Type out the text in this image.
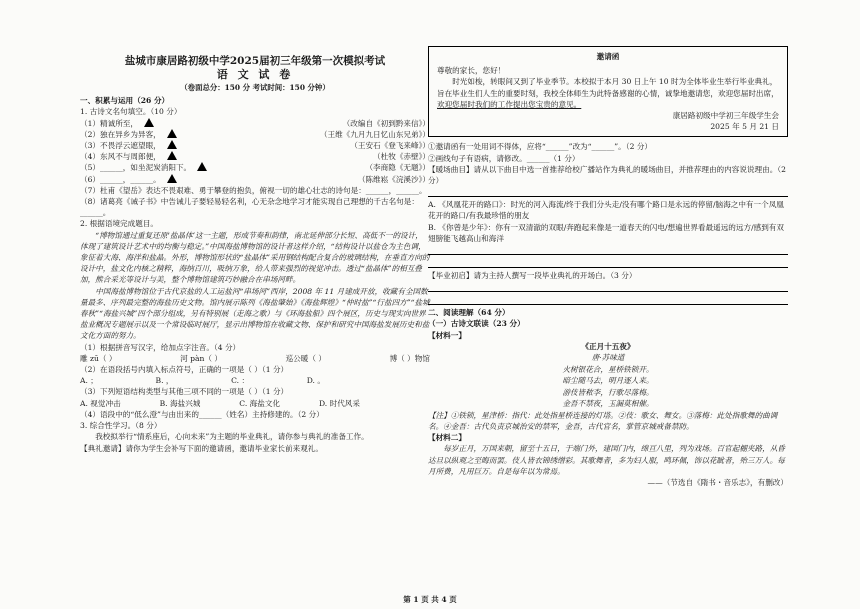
盐城市康居路初级中学2025届初三年级第一次模拟考试
语 文 试 卷
（卷面总分：150 分 考试时间：150 分钟）
一、积累与运用（26 分）
1. 古诗文名句填空。（10 分）
（1）精诚所至，	（改编自《初到黔来信》）
（2）独在异乡为异客，	（王维《九月九日忆山东兄弟》）
（3）不畏浮云遮望眼，	（王安石《登飞来峰》）
（4）东风不与周郎便，	（杜牧《赤壁》）
（5）______，如坐泥炭消阳下。	（李商隐《无题》）
（6）______，______。	（陈维崧《浣溪沙》）
（7）杜甫《望岳》表达不畏艰难、勇于攀登的抱负，俯视一切的雄心壮志的诗句是：______，______。
（8）诸葛亮《诫子书》中告诫儿子要轻易轻名利，心无杂念地学习才能实现自己理想的千古名句是：______。
2. 根据语境完成题目。
“博物馆通过重复还原‘盐晶体’这一主题，形成节奏和韵律，南北延伸部分长短、高低不一的设计，体现了建筑设计艺术中的均衡与稳定。”中国海盐博物馆的设计者这样介绍，“结构设计以盐仓为主色调，象征着大海、海洋和盐晶。外形，博物馆形状的“盐晶体”采用钢结构配合复合的玻璃结构，在垂直方向的设计中，盐文化内核之精粹，海纳百川，吸纳万象，给人带来强烈的视觉冲击。透过“盐晶体”的相互叠加，熊合采光等设计与美，整个博物馆建筑巧妙融合在串场河畔。
中国海盐博物馆位于古代京盐的人工运盐河“串场河”西岸，2008 年 11 月建成开放，收藏有全国数量最多、序列最完整的海盐历史文物。馆内展示陈列《海盐肇始》《海盐辉煌》“仲时盐”“行盐四方”“盐城春秋”“海盐兴城”四个部分组成，另有特别展（走海之歌）与《环海盐船》四个展区，历史与现实向世界盐业概况专题展示以及一个常设临时展厅，显示出博物馆在收藏文物、保护和研究中国海盐发展历史和盐文化方面的努力。
（1）根据拼音写汉字，给加点字注音。（4 分）
雕 zū（ ）	河 pàn（ ）	巡公暖（ ）	博（ ）物馆
（2）在语段括号内填入标点符号，正确的一项是（ ）（1 分）
A. ；	B. ，	C. ：	D. 。
（3）下列短语结构类型与其他三项不同的一项是（ ）（1 分）
A. 视觉冲击	B. 海盐兴城	C. 海盐文化	D. 时代风采
（4）语段中的“低么澄”与由出来的______（姓名）主持修建的。（2 分）
3. 综合性学习。（8 分）
我校拟举行“情系座后，心向未来”为主题的毕业典礼，请你参与典礼的准备工作。
【典礼邀请】请你为学生会补写下面的邀请函，邀请毕业家长前来观礼。
邀请函
尊敬的家长，您好！
时光如梭，转眼间又到了毕业季节。本校拟于本月 30 日上午 10 时为全体毕业生举行毕业典礼，旨在毕业生们人生的重要时刻，我校全体师生为此特备感谢的心情，诚挚地邀请您，欢迎您届时出席，欢迎您届时我们的工作提出您宝贵的意见。
康居路初级中学初三年级学生会
2025 年 5 月 21 日
①邀请函有一处用词不得体，应将“______”改为“______”。（2 分）
②画线句子有语病，请修改。______（1 分）
【暖场曲目】请从以下曲目中选一首推荐给校广播站作为典礼的暖场曲目，并推荐理由的内容说说理由。（2 分）
A. 《风凰花开的路口》：时光的河入海流/终于我们分头走/没有哪个路口是永远的停留/脑海之中有一个凤凰花开的路口/有我最珍惜的朋友
B. 《你曾是少年》：你有一双清澈的双眼/奔跑起来像是一道春天的闪电/想遍世界看最遥远的远方/感到有双翅膀能飞越高山和海洋
【毕业初启】请为主持人撰写一段毕业典礼的开场白。（3 分）
二、阅读理解（64 分）
（一）古诗文联读（23 分）
【材料一】
《正月十五夜》
唐·苏味道
火树银花合，星桥铁锁开。
暗尘随马去，明月逐人来。
游伎皆秾李，行歌尽落梅。
金吾不禁夜，玉漏莫相催。
【注】①铁锁，星津桥：指代：此处指星桥连接的灯塔。②伎：歌女、舞女。③落梅：此处指歌舞的曲调名。④金吾：古代负责京城治安的禁军，金吾，古代官名，掌管京城戒备禁防。
【材料二】
每岁正月，万国来朝，留至十五日，于端门外，建国门内，绵亘八里，列为戏场。百官起棚夹路，从昏达旦以纵观之至晦而罢。伎人皆衣锦绣缯彩。其歌舞者，多为妇人服，鸣环佩，饰以花眦者，殆三万人。每月所费，凡用巨万。自是每年以为常焉。
——（节选自《隋书・音乐志》，有删改）
第 1 页 共 4 页
